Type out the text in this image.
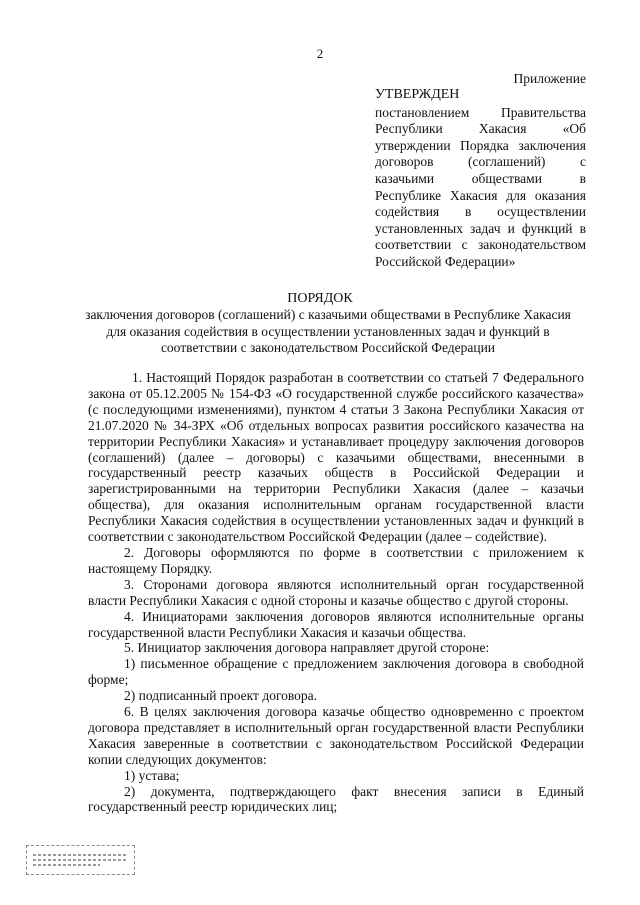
2
Приложение
УТВЕРЖДЕН
постановлением Правительства Республики Хакасия «Об утверждении Порядка заключения договоров (соглашений) с казачьими обществами в Республике Хакасия для оказания содействия в осуществлении установленных задач и функций в соответствии с законодательством Российской Федерации»
ПОРЯДОК
заключения договоров (соглашений) с казачьими обществами в Республике Хакасия для оказания содействия в осуществлении установленных задач и функций в соответствии с законодательством Российской Федерации

1. Настоящий Порядок разработан в соответствии со статьей 7 Федерального закона от 05.12.2005 № 154-ФЗ «О государственной службе российского казачества» (с последующими изменениями), пунктом 4 статьи 3 Закона Республики Хакасия от 21.07.2020 № 34-ЗРХ «Об отдельных вопросах развития российского казачества на территории Республики Хакасия» и устанавливает процедуру заключения договоров (соглашений) (далее – договоры) с казачьими обществами, внесенными в государственный реестр казачьих обществ в Российской Федерации и зарегистрированными на территории Республики Хакасия (далее – казачьи общества), для оказания исполнительным органам государственной власти Республики Хакасия содействия в осуществлении установленных задач и функций в соответствии с законодательством Российской Федерации (далее – содействие).

2. Договоры оформляются по форме в соответствии с приложением к настоящему Порядку.

3. Сторонами договора являются исполнительный орган государственной власти Республики Хакасия с одной стороны и казачье общество с другой стороны.

4. Инициаторами заключения договоров являются исполнительные органы государственной власти Республики Хакасия и казачьи общества.

5. Инициатор заключения договора направляет другой стороне:

1) письменное обращение с предложением заключения договора в свободной форме;

2) подписанный проект договора.

6. В целях заключения договора казачье общество одновременно с проектом договора представляет в исполнительный орган государственной власти Республики Хакасия заверенные в соответствии с законодательством Российской Федерации копии следующих документов:

1) устава;

2) документа, подтверждающего факт внесения записи в Единый государственный реестр юридических лиц;
